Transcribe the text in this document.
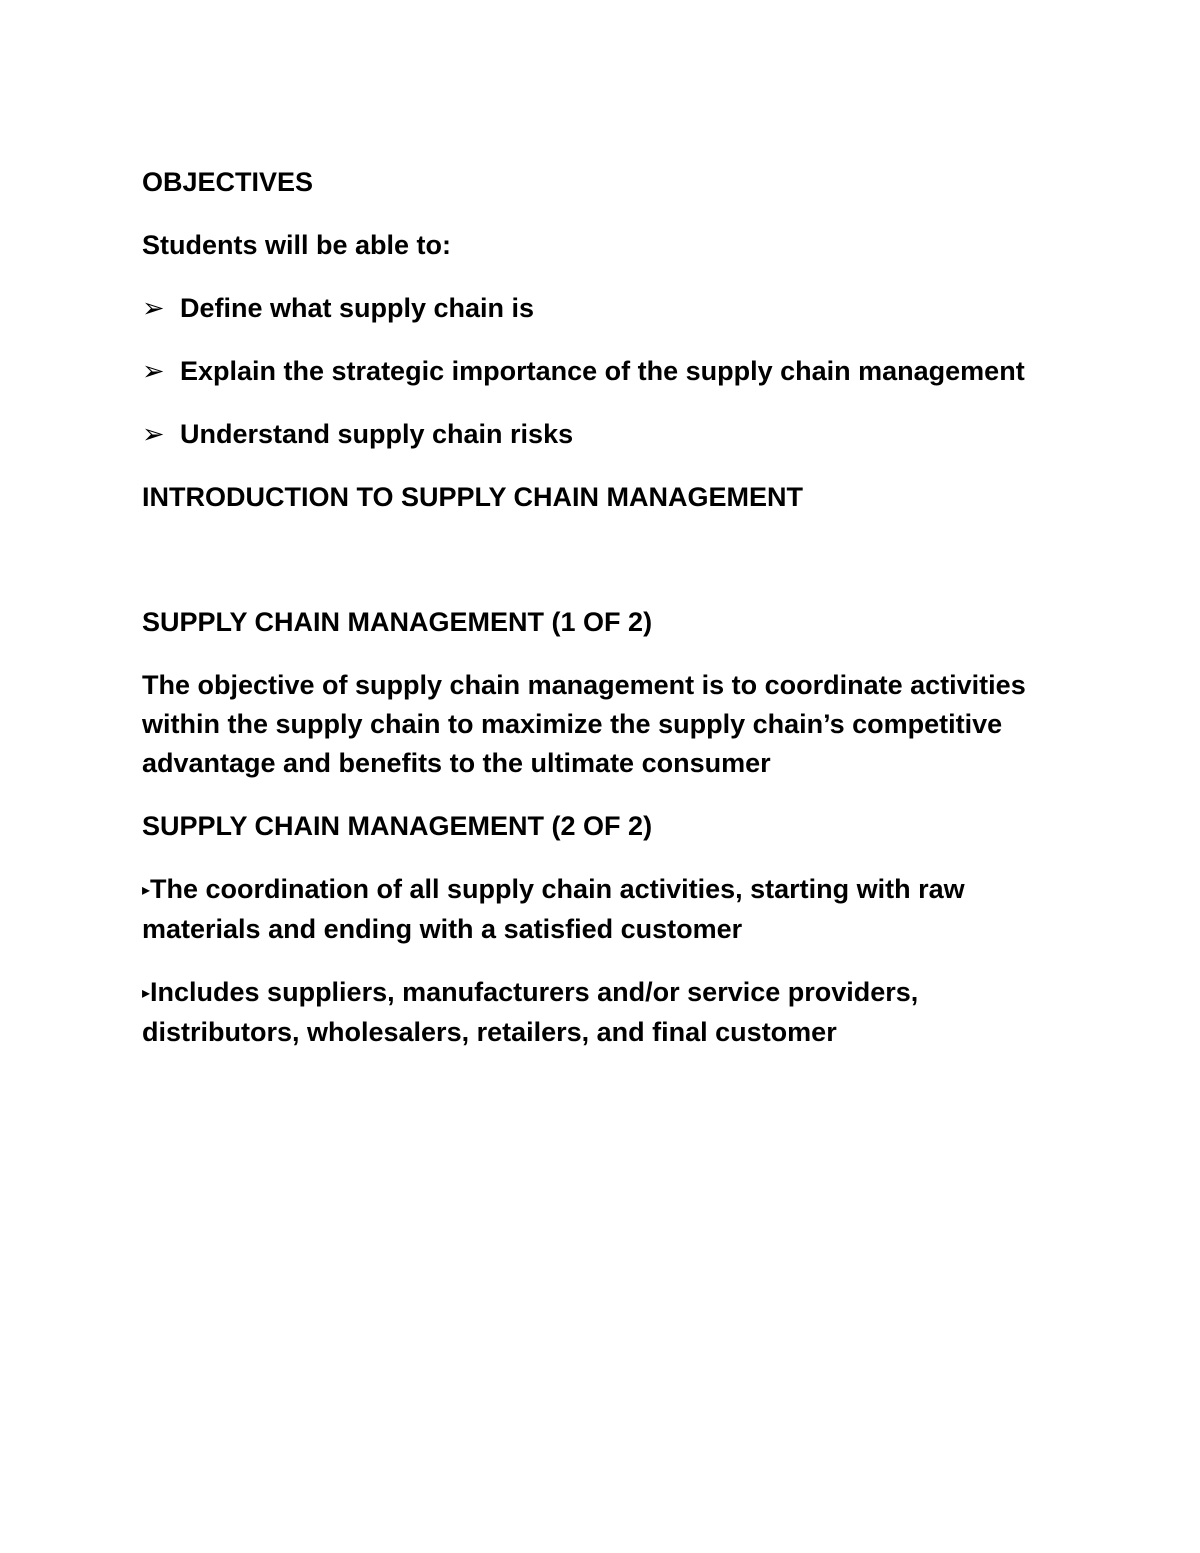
OBJECTIVES
Students will be able to:
➢ Define what supply chain is
➢ Explain the strategic importance of the supply chain management
➢ Understand supply chain risks
INTRODUCTION TO SUPPLY CHAIN MANAGEMENT
SUPPLY CHAIN MANAGEMENT (1 OF 2)
The objective of supply chain management is to coordinate activities within the supply chain to maximize the supply chain’s competitive advantage and benefits to the ultimate consumer
SUPPLY CHAIN MANAGEMENT (2 OF 2)
▸The coordination of all supply chain activities, starting with raw materials and ending with a satisfied customer
▸Includes suppliers, manufacturers and/or service providers, distributors, wholesalers, retailers, and final customer
